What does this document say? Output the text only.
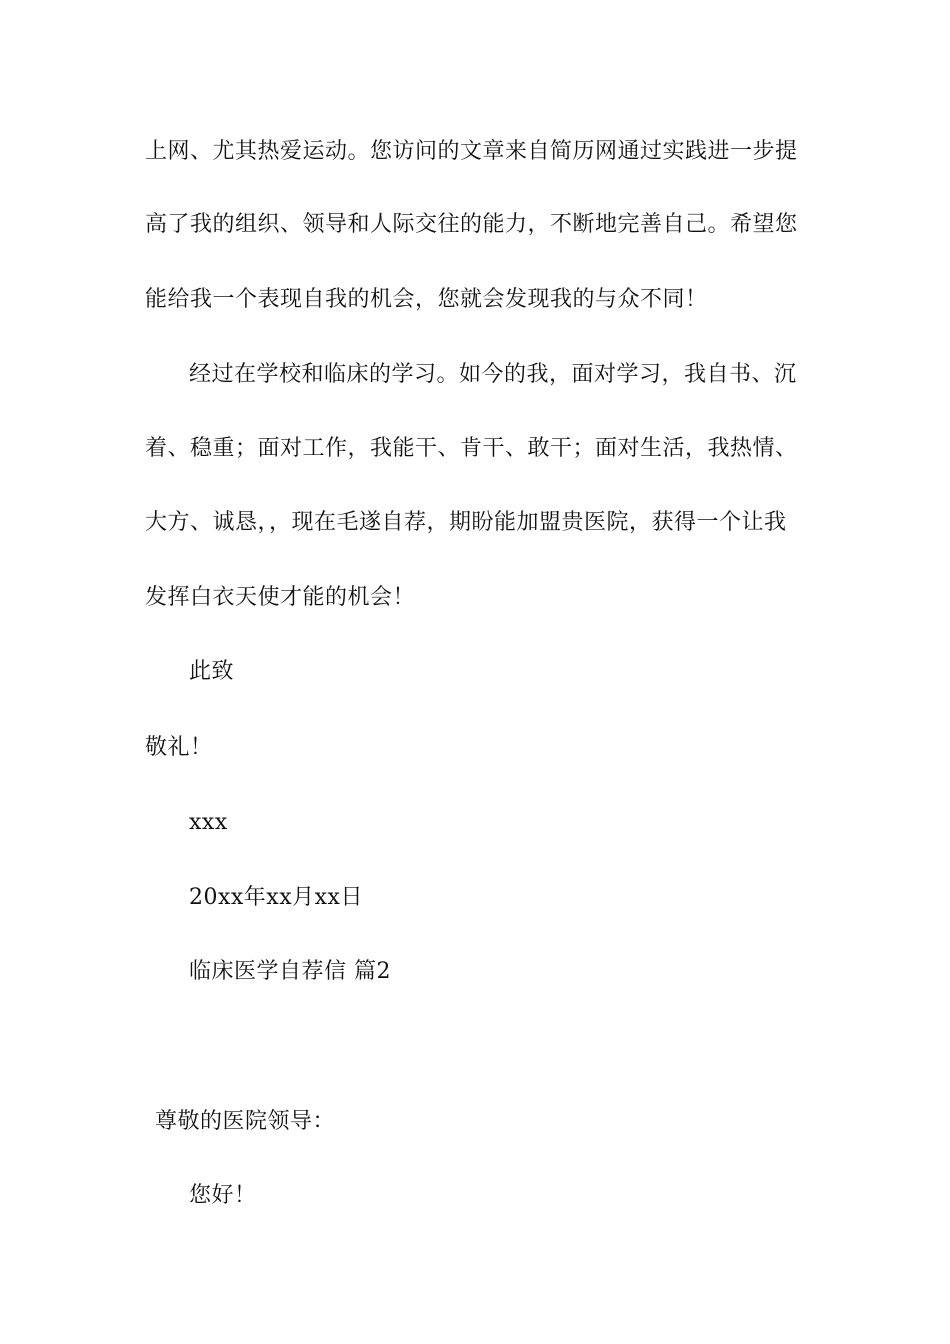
上网、尤其热爱运动。您访问的文章来自简历网通过实践进一步提
高了我的组织、领导和人际交往的能力，不断地完善自己。希望您
能给我一个表现自我的机会，您就会发现我的与众不同！
经过在学校和临床的学习。如今的我，面对学习，我自书、沉
着、稳重；面对工作，我能干、肯干、敢干；面对生活，我热情、
大方、诚恳，，现在毛遂自荐，期盼能加盟贵医院，获得一个让我
发挥白衣天使才能的机会！
此致
敬礼！
xxx
20xx年xx月xx日
临床医学自荐信 篇2
尊敬的医院领导：
您好！
